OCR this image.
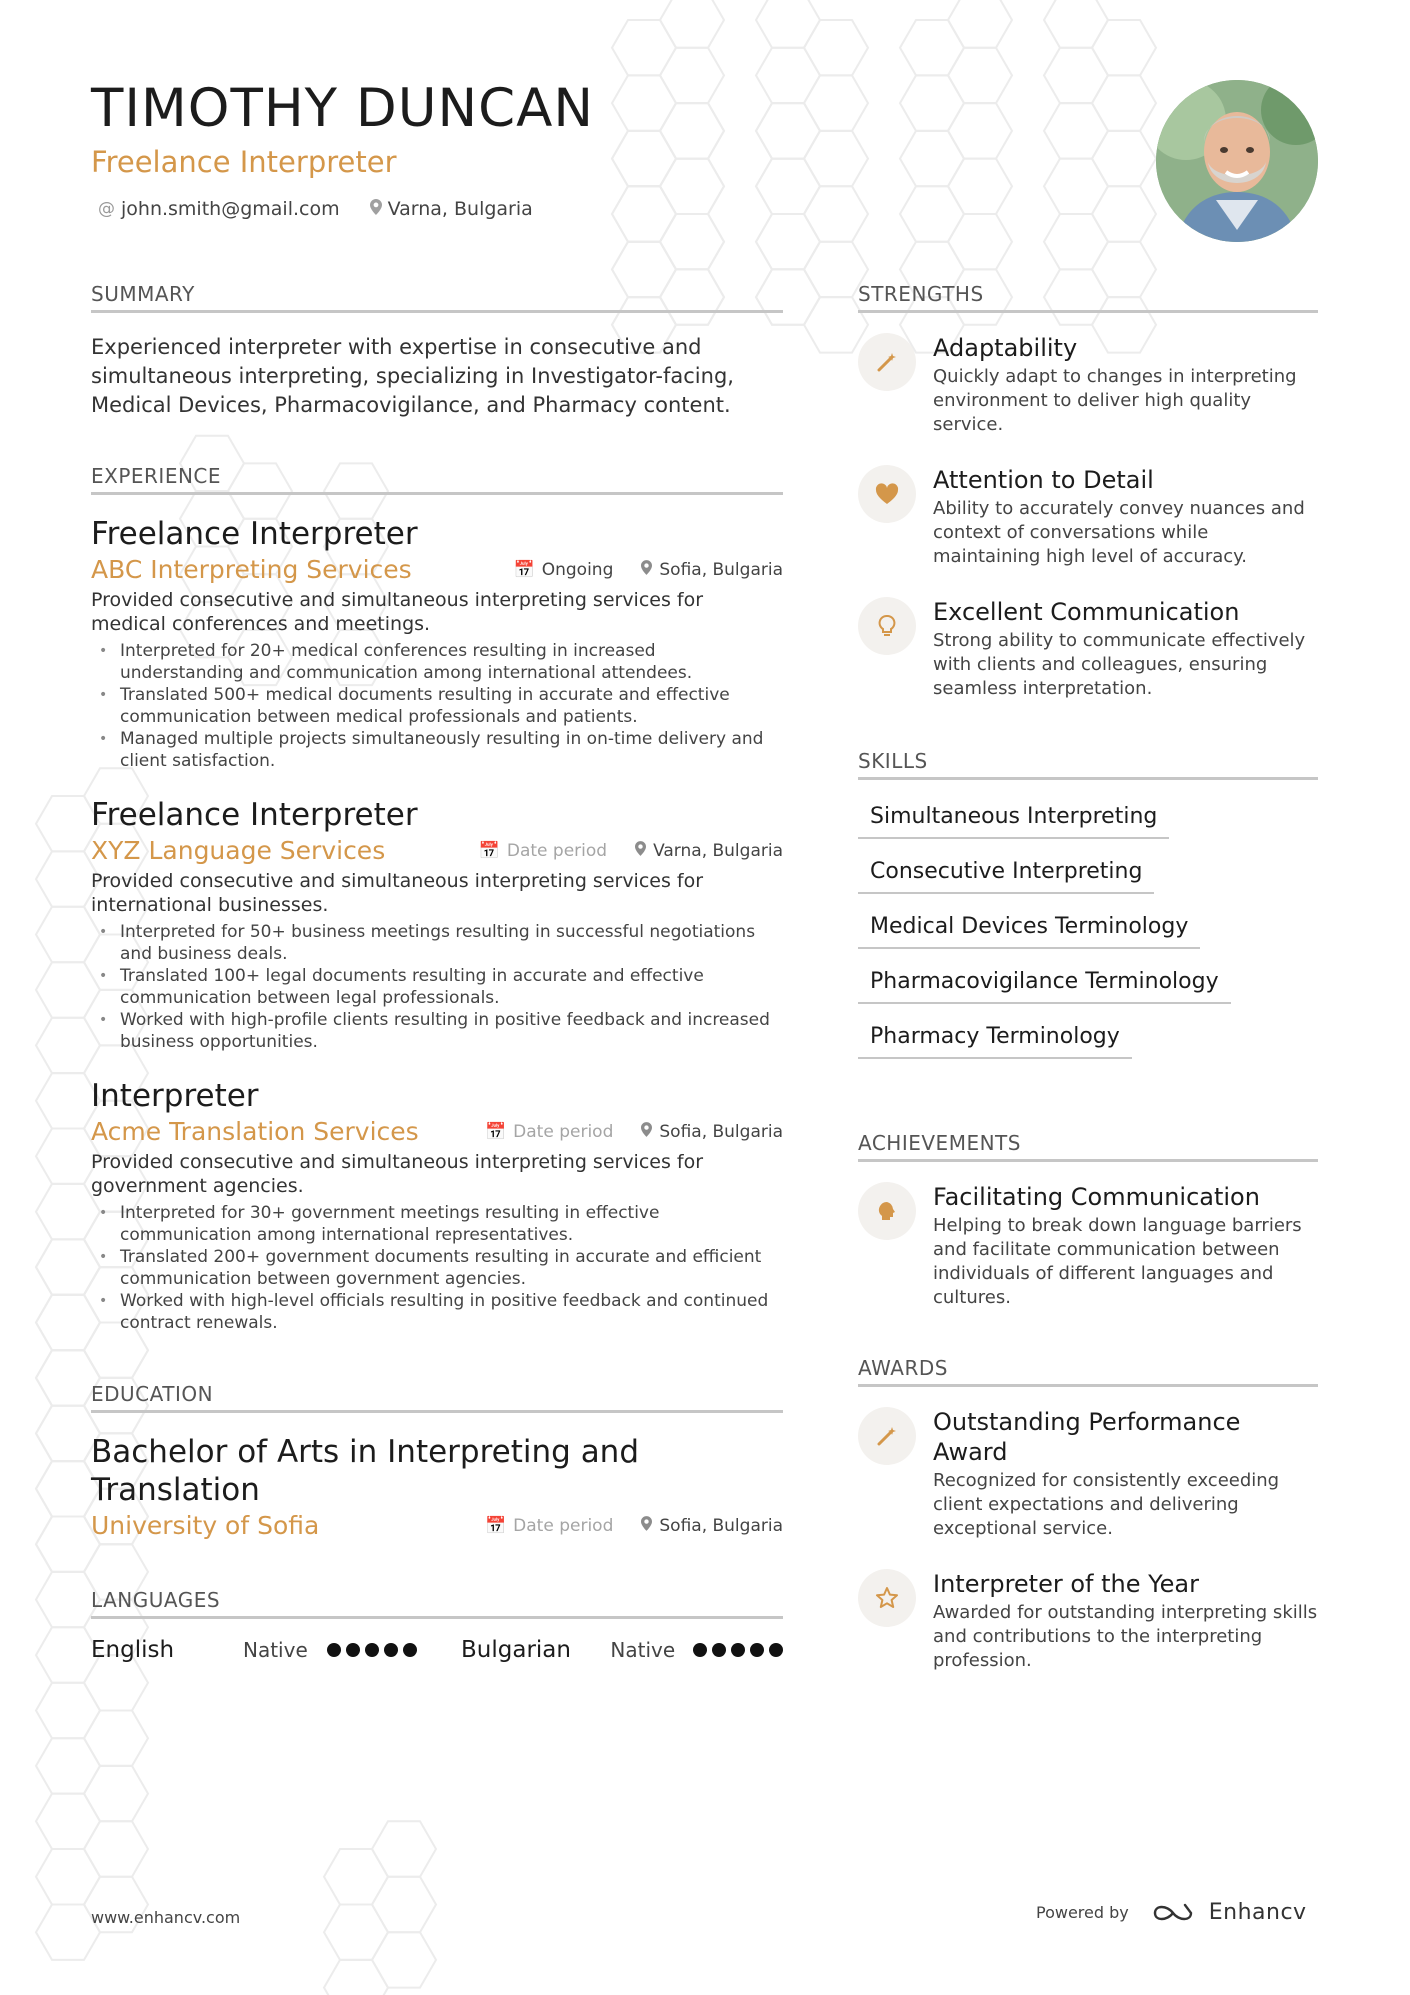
TIMOTHY DUNCAN
Freelance Interpreter
@ john.smith@gmail.com	Varna, Bulgaria
SUMMARY

Experienced interpreter with expertise in consecutive and simultaneous interpreting, specializing in Investigator-facing, Medical Devices, Pharmacovigilance, and Pharmacy content.

EXPERIENCE
Freelance Interpreter
ABC Interpreting Services	📅 Ongoing	Sofia, Bulgaria
Provided consecutive and simultaneous interpreting services for medical conferences and meetings.
• Interpreted for 20+ medical conferences resulting in increased understanding and communication among international attendees.
• Translated 500+ medical documents resulting in accurate and effective communication between medical professionals and patients.
• Managed multiple projects simultaneously resulting in on-time delivery and client satisfaction.
Freelance Interpreter
XYZ Language Services	📅 Date period	Varna, Bulgaria
Provided consecutive and simultaneous interpreting services for international businesses.
• Interpreted for 50+ business meetings resulting in successful negotiations and business deals.
• Translated 100+ legal documents resulting in accurate and effective communication between legal professionals.
• Worked with high-profile clients resulting in positive feedback and increased business opportunities.
Interpreter
Acme Translation Services	📅 Date period	Sofia, Bulgaria
Provided consecutive and simultaneous interpreting services for government agencies.
• Interpreted for 30+ government meetings resulting in effective communication among international representatives.
• Translated 200+ government documents resulting in accurate and efficient communication between government agencies.
• Worked with high-level officials resulting in positive feedback and continued contract renewals.
EDUCATION
Bachelor of Arts in Interpreting and Translation
University of Sofia	📅 Date period	Sofia, Bulgaria
LANGUAGES
English	Native	Bulgarian	Native
STRENGTHS
Adaptability
Quickly adapt to changes in interpreting environment to deliver high quality service.
Attention to Detail
Ability to accurately convey nuances and context of conversations while maintaining high level of accuracy.
Excellent Communication
Strong ability to communicate effectively with clients and colleagues, ensuring seamless interpretation.
SKILLS
Simultaneous Interpreting
Consecutive Interpreting
Medical Devices Terminology
Pharmacovigilance Terminology
Pharmacy Terminology
ACHIEVEMENTS
Facilitating Communication
Helping to break down language barriers and facilitate communication between individuals of different languages and cultures.
AWARDS
Outstanding Performance Award
Recognized for consistently exceeding client expectations and delivering exceptional service.
Interpreter of the Year
Awarded for outstanding interpreting skills and contributions to the interpreting profession.
www.enhancv.com	Powered by	Enhancv
